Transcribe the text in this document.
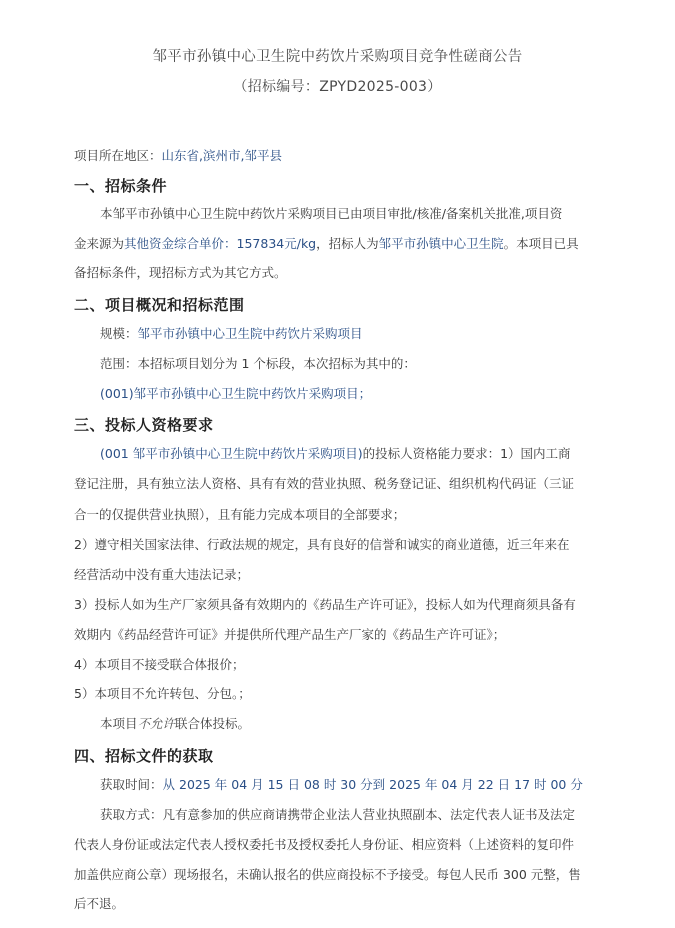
邹平市孙镇中心卫生院中药饮片采购项目竞争性磋商公告
（招标编号：ZPYD2025-003）
项目所在地区：山东省,滨州市,邹平县
一、招标条件
本邹平市孙镇中心卫生院中药饮片采购项目已由项目审批/核准/备案机关批准,项目资
金来源为其他资金综合单价：157834元/kg，招标人为邹平市孙镇中心卫生院。本项目已具
备招标条件，现招标方式为其它方式。
二、项目概况和招标范围
规模：邹平市孙镇中心卫生院中药饮片采购项目
范围：本招标项目划分为 1 个标段，本次招标为其中的：
(001)邹平市孙镇中心卫生院中药饮片采购项目；
三、投标人资格要求
(001 邹平市孙镇中心卫生院中药饮片采购项目)的投标人资格能力要求：1）国内工商
登记注册，具有独立法人资格、具有有效的营业执照、税务登记证、组织机构代码证（三证
合一的仅提供营业执照），且有能力完成本项目的全部要求；
2）遵守相关国家法律、行政法规的规定，具有良好的信誉和诚实的商业道德，近三年来在
经营活动中没有重大违法记录；
3）投标人如为生产厂家须具备有效期内的《药品生产许可证》，投标人如为代理商须具备有
效期内《药品经营许可证》并提供所代理产品生产厂家的《药品生产许可证》；
4）本项目不接受联合体报价；
5）本项目不允许转包、分包。；
本项目不允许联合体投标。
四、招标文件的获取
获取时间：从 2025 年 04 月 15 日 08 时 30 分到 2025 年 04 月 22 日 17 时 00 分
获取方式：凡有意参加的供应商请携带企业法人营业执照副本、法定代表人证书及法定
代表人身份证或法定代表人授权委托书及授权委托人身份证、相应资料（上述资料的复印件
加盖供应商公章）现场报名，未确认报名的供应商投标不予接受。每包人民币 300 元整，售
后不退。
